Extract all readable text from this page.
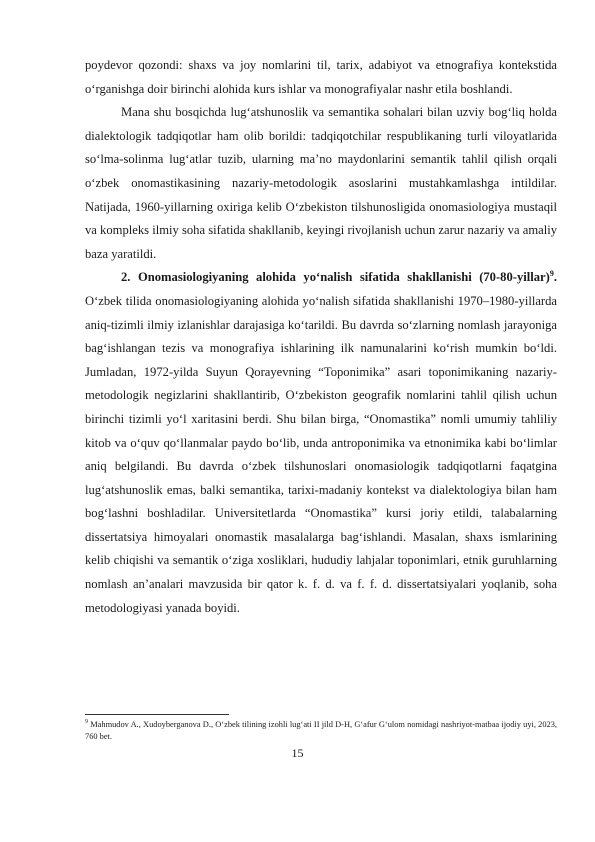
poydevor qozondi: shaxs va joy nomlarini til, tarix, adabiyot va etnografiya kontekstida o‘rganishga doir birinchi alohida kurs ishlar va monografiyalar nashr etila boshlandi.

Mana shu bosqichda lug‘atshunoslik va semantika sohalari bilan uzviy bog‘liq holda dialektologik tadqiqotlar ham olib borildi: tadqiqotchilar respublikaning turli viloyatlarida so‘lma-solinma lug‘atlar tuzib, ularning ma’no maydonlarini semantik tahlil qilish orqali o‘zbek onomastikasining nazariy-metodologik asoslarini mustahkamlashga intildilar. Natijada, 1960-yillarning oxiriga kelib O‘zbekiston tilshunosligida onomasiologiya mustaqil va kompleks ilmiy soha sifatida shakllanib, keyingi rivojlanish uchun zarur nazariy va amaliy baza yaratildi.

2. Onomasiologiyaning alohida yo‘nalish sifatida shakllanishi (70-80-yillar)$^9$. O‘zbek tilida onomasiologiyaning alohida yo‘nalish sifatida shakllanishi 1970–1980-yillarda aniq-tizimli ilmiy izlanishlar darajasiga ko‘tarildi. Bu davrda so‘zlarning nomlash jarayoniga bag‘ishlangan tezis va monografiya ishlarining ilk namunalarini ko‘rish mumkin bo‘ldi. Jumladan, 1972-yilda Suyun Qorayevning “Toponimika” asari toponimikaning nazariy-metodologik negizlarini shakllantirib, O‘zbekiston geografik nomlarini tahlil qilish uchun birinchi tizimli yo‘l xaritasini berdi. Shu bilan birga, “Onomastika” nomli umumiy tahliliy kitob va o‘quv qo‘llanmalar paydo bo‘lib, unda antroponimika va etnonimika kabi bo‘limlar aniq belgilandi. Bu davrda o‘zbek tilshunoslari onomasiologik tadqiqotlarni faqatgina lug‘atshunoslik emas, balki semantika, tarixi-madaniy kontekst va dialektologiya bilan ham bog‘lashni boshladilar. Universitetlarda “Onomastika” kursi joriy etildi, talabalarning dissertatsiya himoyalari onomastik masalalarga bag‘ishlandi. Masalan, shaxs ismlarining kelib chiqishi va semantik o‘ziga xosliklari, hududiy lahjalar toponimlari, etnik guruhlarning nomlash an’analari mavzusida bir qator k. f. d. va f. f. d. dissertatsiyalari yoqlanib, soha metodologiyasi yanada boyidi.

$^9$ Mahmudov A., Xudoyberganova D., O‘zbek tilining izohli lug‘ati II jild D-H, G‘afur G‘ulom nomidagi nashriyot-matbaa ijodiy uyi, 2023, 760 bet.
15
